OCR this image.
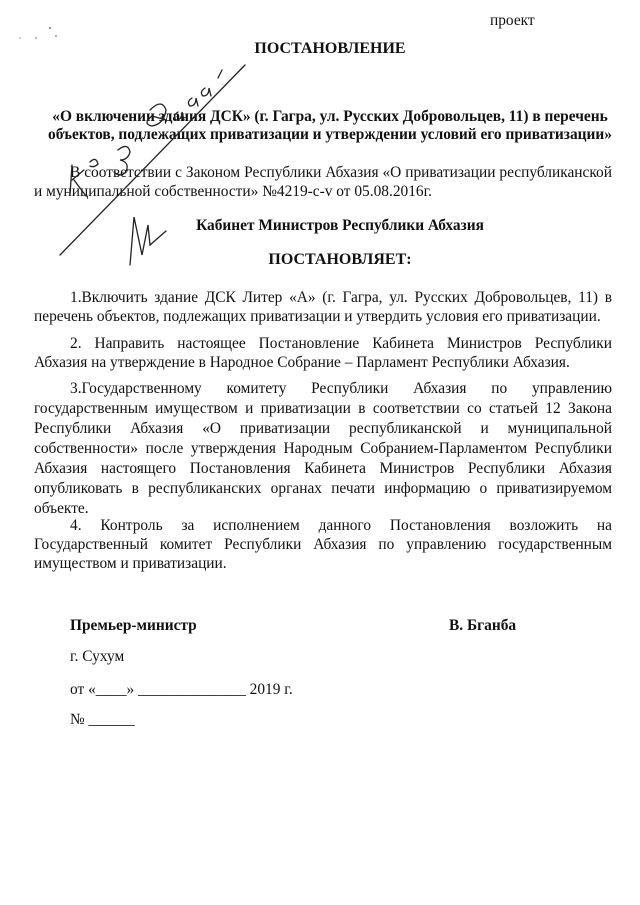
проект
ПОСТАНОВЛЕНИЕ
«О включении здания ДСК» (г. Гагра, ул. Русских Добровольцев, 11) в перечень объектов, подлежащих приватизации и утверждении условий его приватизации»
В соответствии с Законом Республики Абхазия «О приватизации республиканской и муниципальной собственности» №4219-с-v от 05.08.2016г.
Кабинет Министров Республики Абхазия
ПОСТАНОВЛЯЕТ:
1.Включить здание ДСК Литер «А» (г. Гагра, ул. Русских Добровольцев, 11) в перечень объектов, подлежащих приватизации и утвердить условия его приватизации.
2. Направить настоящее Постановление Кабинета Министров Республики Абхазия на утверждение в Народное Собрание – Парламент Республики Абхазия.
3.Государственному комитету Республики Абхазия по управлению государственным имуществом и приватизации в соответствии со статьей 12 Закона Республики Абхазия «О приватизации республиканской и муниципальной собственности» после утверждения Народным Собранием-Парламентом Республики Абхазия настоящего Постановления Кабинета Министров Республики Абхазия опубликовать в республиканских органах печати информацию о приватизируемом объекте.
4. Контроль за исполнением данного Постановления возложить на Государственный комитет Республики Абхазия по управлению государственным имуществом и приватизации.
Премьер-министр	В. Бганба
г. Сухум
от «____» ______________ 2019 г.
№ ______
